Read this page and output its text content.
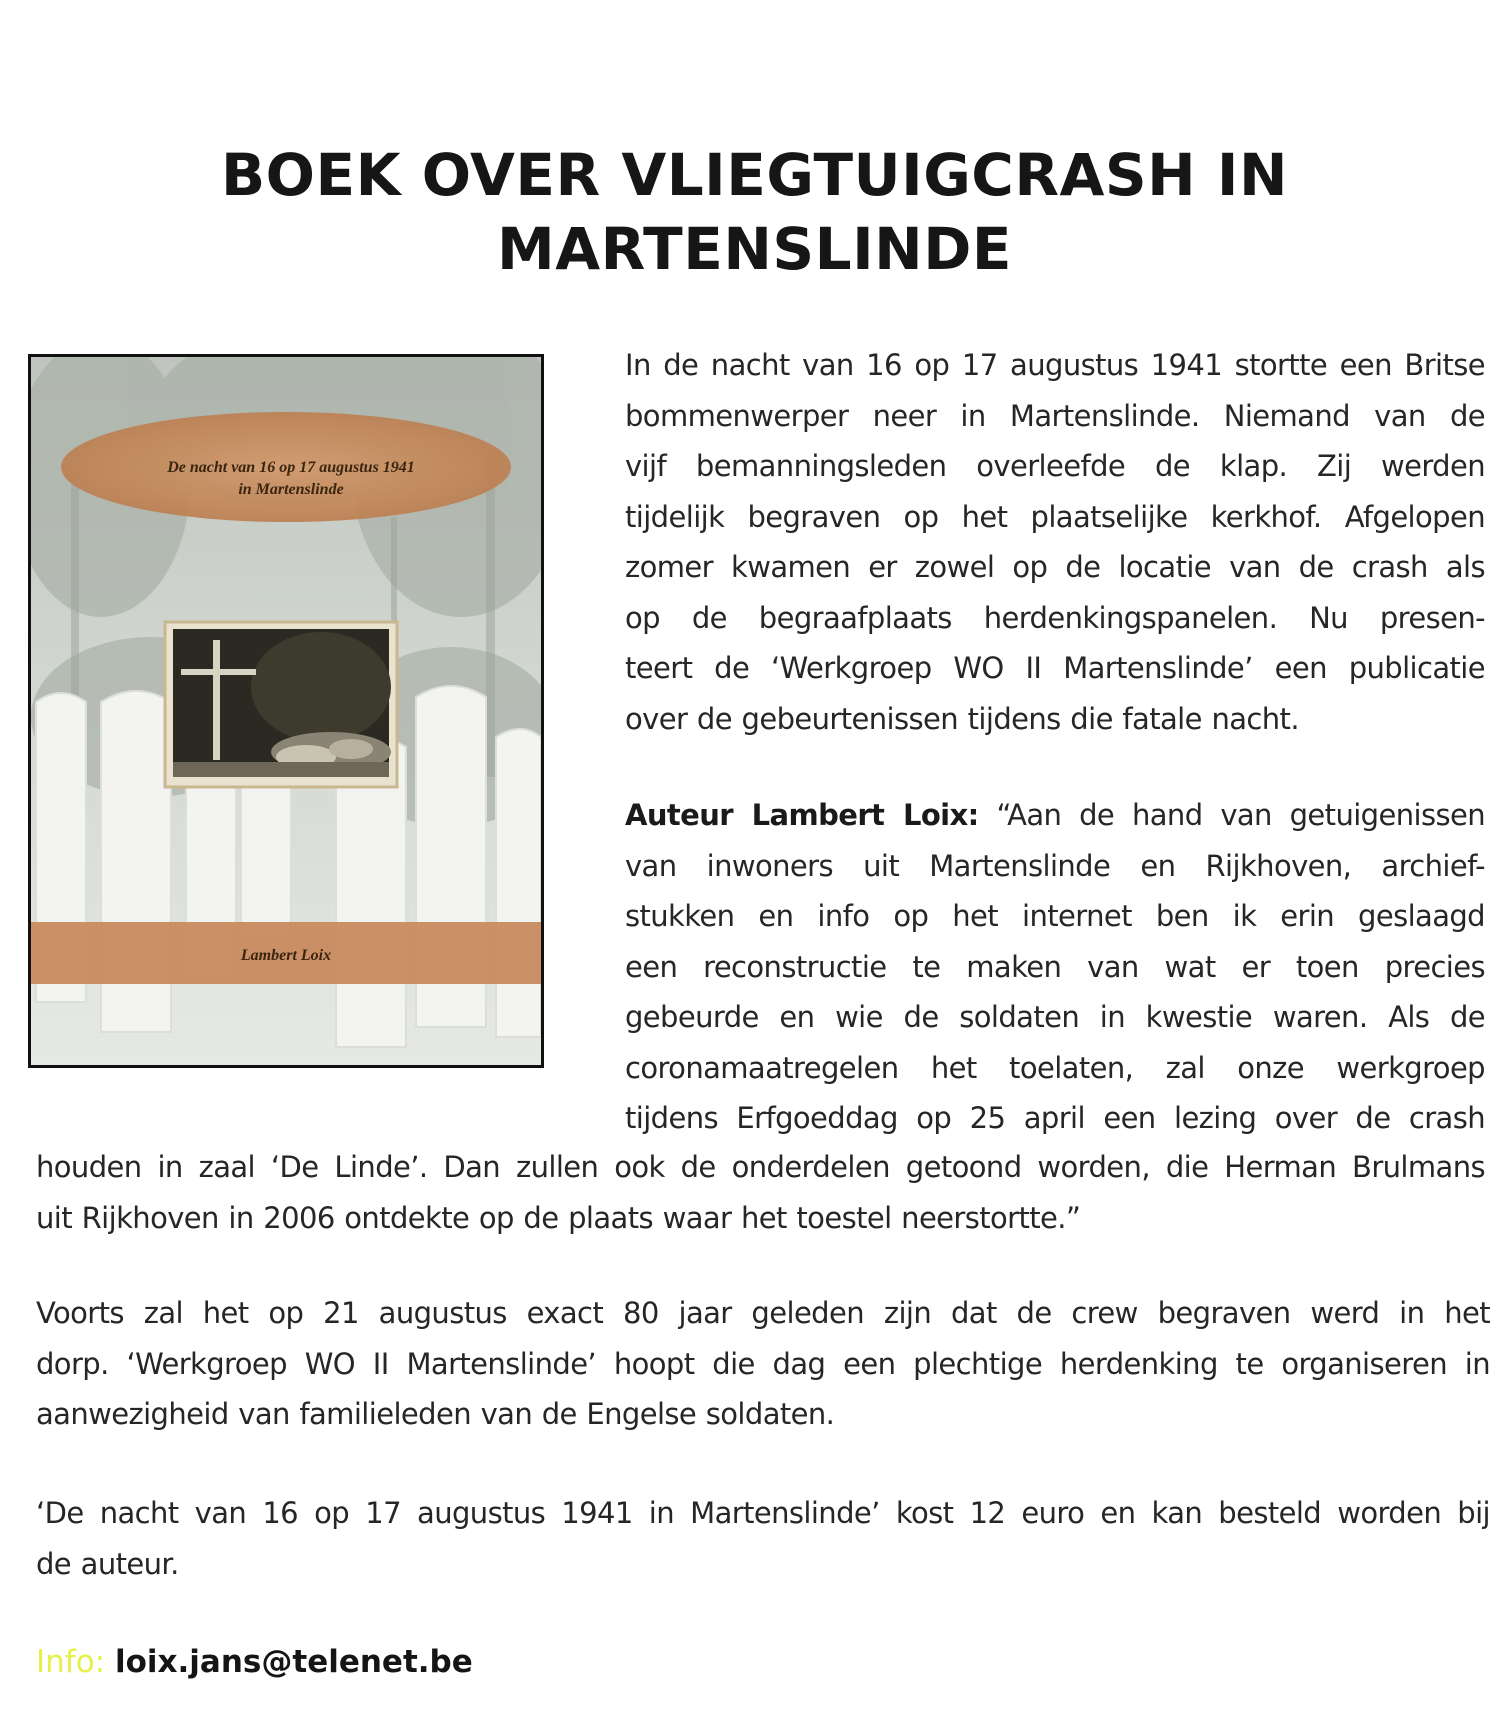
BOEK OVER VLIEGTUIGCRASH IN
MARTENSLINDE
De nacht van 16 op 17 augustus 1941
in Martenslinde
Lambert Loix
In de nacht van 16 op 17 augustus 1941 stortte een Britse
bommenwerper neer in Martenslinde. Niemand van de
vijf bemanningsleden overleefde de klap. Zij werden
tijdelijk begraven op het plaatselijke kerkhof. Afgelopen
zomer kwamen er zowel op de locatie van de crash als
op de begraafplaats herdenkingspanelen. Nu presen-
teert de ‘Werkgroep WO II Martenslinde’ een publicatie
over de gebeurtenissen tijdens die fatale nacht.
Auteur Lambert Loix: “Aan de hand van getuigenissen
van inwoners uit Martenslinde en Rijkhoven, archief-
stukken en info op het internet ben ik erin geslaagd
een reconstructie te maken van wat er toen precies
gebeurde en wie de soldaten in kwestie waren. Als de
coronamaatregelen het toelaten, zal onze werkgroep
tijdens Erfgoeddag op 25 april een lezing over de crash
houden in zaal ‘De Linde’. Dan zullen ook de onderdelen getoond worden, die Herman Brulmans
uit Rijkhoven in 2006 ontdekte op de plaats waar het toestel neerstortte.”
Voorts zal het op 21 augustus exact 80 jaar geleden zijn dat de crew begraven werd in het
dorp. ‘Werkgroep WO II Martenslinde’ hoopt die dag een plechtige herdenking te organiseren in
aanwezigheid van familieleden van de Engelse soldaten.
‘De nacht van 16 op 17 augustus 1941 in Martenslinde’ kost 12 euro en kan besteld worden bij
de auteur.
Info: loix.jans@telenet.be
